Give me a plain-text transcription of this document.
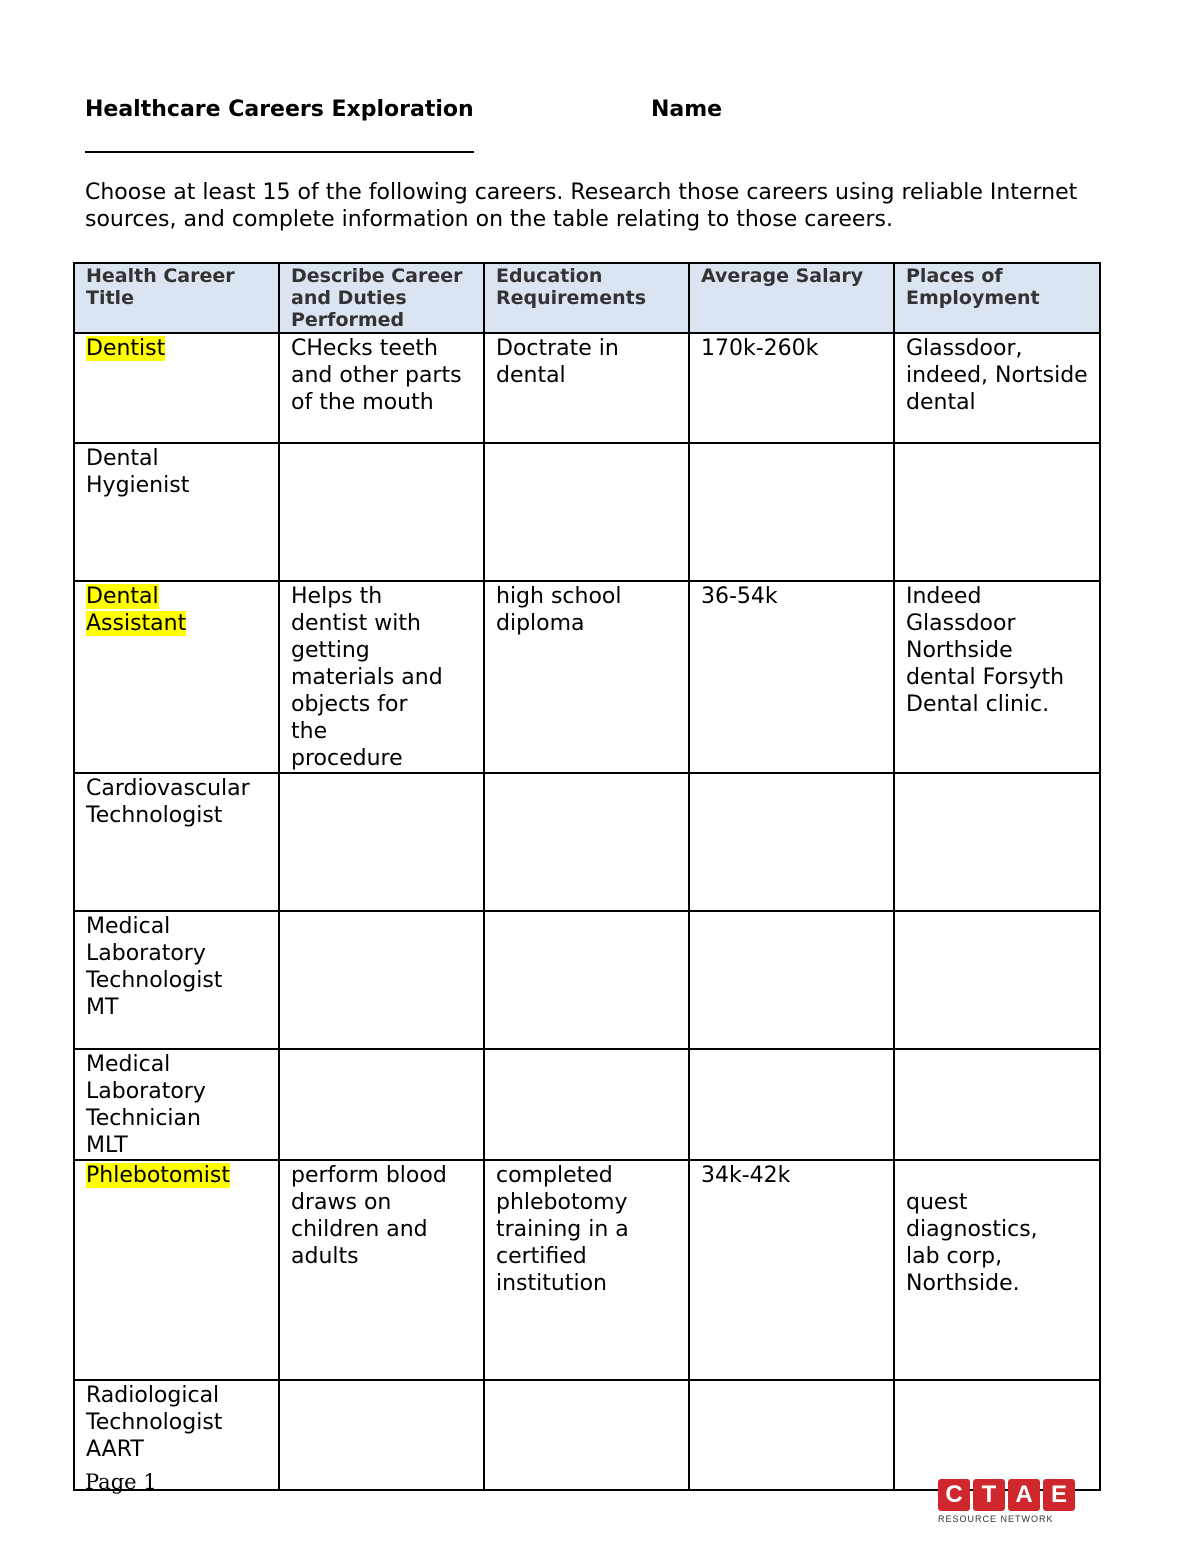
Healthcare Careers Exploration	Name
Choose at least 15 of the following careers. Research those careers using reliable Internet sources, and complete information on the table relating to those careers.
Health Career Title	Describe Career and Duties Performed	Education Requirements	Average Salary	Places of Employment
Dentist	CHecks teeth and other parts of the mouth	Doctrate in dental	170k-260k	Glassdoor, indeed, Nortside dental
Dental Hygienist				
Dental Assistant	Helps th dentist with getting materials and objects for the procedure	high school diploma	36-54k	Indeed Glassdoor Northside dental Forsyth Dental clinic.
Cardiovascular Technologist				
Medical Laboratory Technologist MT				
Medical Laboratory Technician MLT				
Phlebotomist	perform blood draws on children and adults	completed phlebotomy training in a certified institution	34k-42k	quest diagnostics, lab corp, Northside.
Radiological Technologist AART				
Page 1	C T A E
RESOURCE NETWORK
